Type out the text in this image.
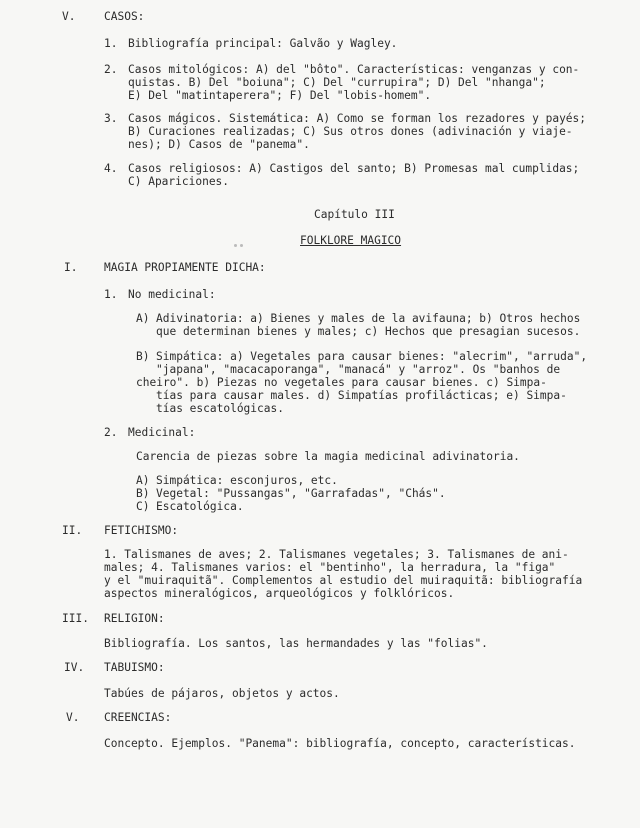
V.	CASOS:
1. Bibliografía principal: Galvão y Wagley.
2. Casos mitológicos: A) del "bôto". Características: venganzas y con-
quistas. B) Del "boiuna"; C) Del "currupira"; D) Del "nhanga";
E) Del "matintaperera"; F) Del "lobis-homem".
3. Casos mágicos. Sistemática: A) Como se forman los rezadores y payés;
B) Curaciones realizadas; C) Sus otros dones (adivinación y viaje-
nes); D) Casos de "panema".
4. Casos religiosos: A) Castigos del santo; B) Promesas mal cumplidas;
C) Apariciones.
Capítulo III
FOLKLORE MAGICO
I. MAGIA PROPIAMENTE DICHA:
1. No medicinal:
A) Adivinatoria: a) Bienes y males de la avifauna; b) Otros hechos
que determinan bienes y males; c) Hechos que presagian sucesos.
B) Simpática: a) Vegetales para causar bienes: "alecrim", "arruda",
"japana", "macacaporanga", "manacá" y "arroz". Os "banhos de
cheiro". b) Piezas no vegetales para causar bienes. c) Simpa-
tías para causar males. d) Simpatías profilácticas; e) Simpa-
tías escatológicas.
2. Medicinal:
Carencia de piezas sobre la magia medicinal adivinatoria.
A) Simpática: esconjuros, etc.
B) Vegetal: "Pussangas", "Garrafadas", "Chás".
C) Escatológica.
II. FETICHISMO:
1. Talismanes de aves; 2. Talismanes vegetales; 3. Talismanes de ani-
males; 4. Talismanes varios: el "bentinho", la herradura, la "figa"
y el "muiraquitã". Complementos al estudio del muiraquitã: bibliografía
aspectos mineralógicos, arqueológicos y folklóricos.
III. RELIGION:
Bibliografía. Los santos, las hermandades y las "folias".
IV. TABUISMO:
Tabúes de pájaros, objetos y actos.
V. CREENCIAS:
Concepto. Ejemplos. "Panema": bibliografía, concepto, características.
